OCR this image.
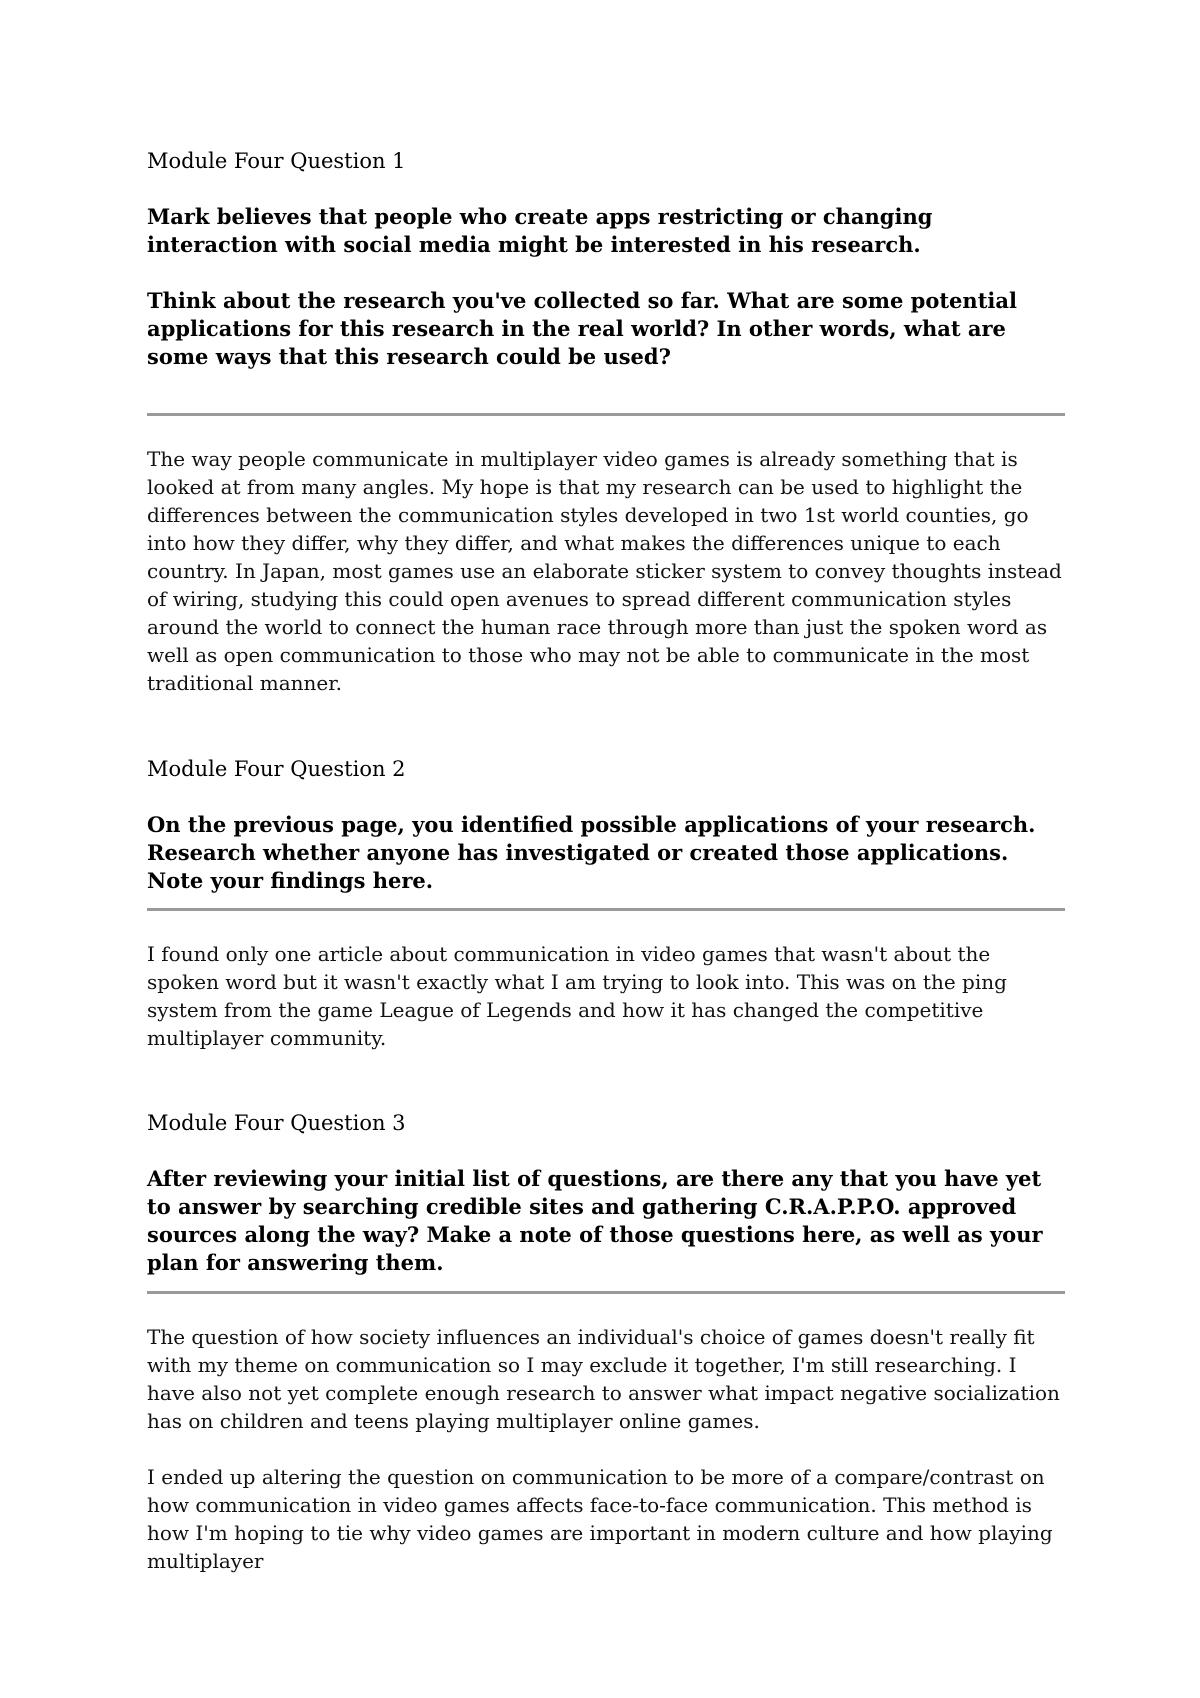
Module Four Question 1

Mark believes that people who create apps restricting or changing interaction with social media might be interested in his research.

Think about the research you've collected so far. What are some potential applications for this research in the real world? In other words, what are some ways that this research could be used?

The way people communicate in multiplayer video games is already something that is looked at from many angles. My hope is that my research can be used to highlight the differences between the communication styles developed in two 1st world counties, go into how they differ, why they differ, and what makes the differences unique to each country. In Japan, most games use an elaborate sticker system to convey thoughts instead of wiring, studying this could open avenues to spread different communication styles around the world to connect the human race through more than just the spoken word as well as open communication to those who may not be able to communicate in the most traditional manner.

Module Four Question 2

On the previous page, you identified possible applications of your research. Research whether anyone has investigated or created those applications. Note your findings here.

I found only one article about communication in video games that wasn't about the spoken word but it wasn't exactly what I am trying to look into. This was on the ping system from the game League of Legends and how it has changed the competitive multiplayer community.

Module Four Question 3

After reviewing your initial list of questions, are there any that you have yet to answer by searching credible sites and gathering C.R.A.P.P.O. approved sources along the way? Make a note of those questions here, as well as your plan for answering them.

The question of how society influences an individual's choice of games doesn't really fit with my theme on communication so I may exclude it together, I'm still researching. I have also not yet complete enough research to answer what impact negative socialization has on children and teens playing multiplayer online games.

I ended up altering the question on communication to be more of a compare/contrast on how communication in video games affects face-to-face communication. This method is how I'm hoping to tie why video games are important in modern culture and how playing multiplayer
